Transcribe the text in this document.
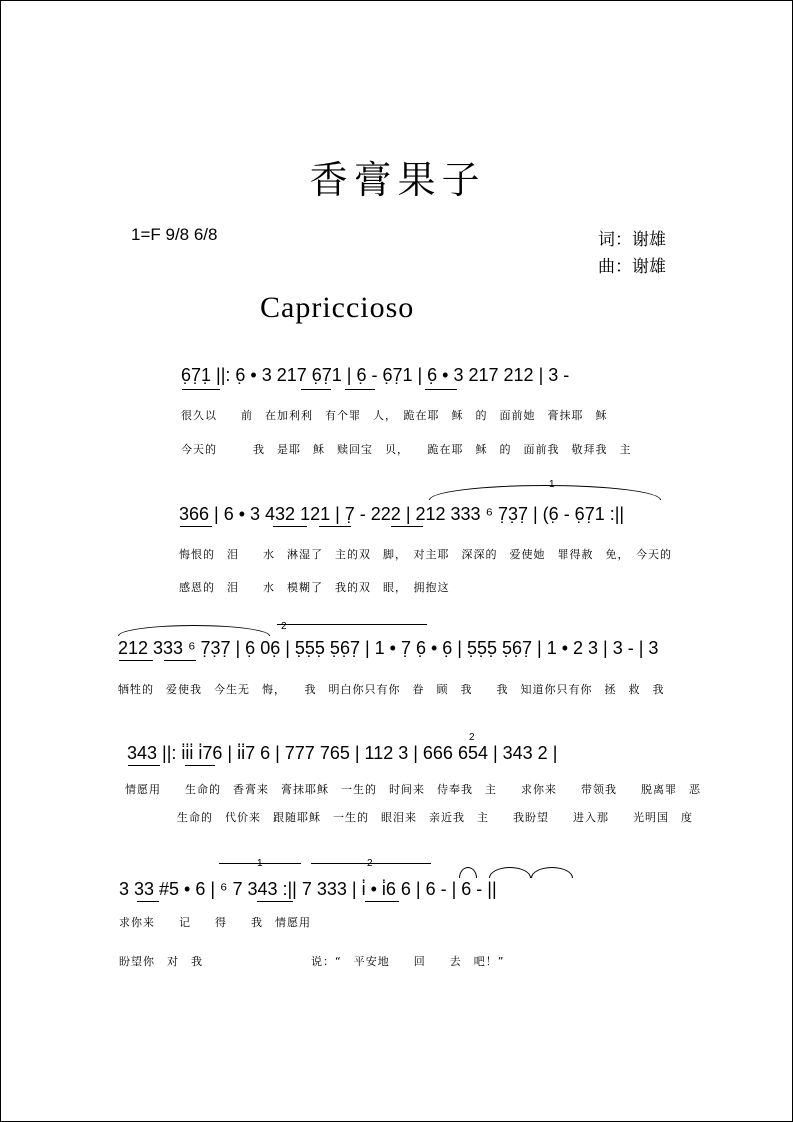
香膏果子
1=F 9/8 6/8	词：谢雄
曲：谢雄
Capriccioso
6̣7̣1̣ ||: 6̣ • 3 217 6̣7̣1 | 6̣ - 6̣7̣1 | 6̣ • 3 217 212 | 3 -
很久以　　前　在加利利　有个罪　人，　跪在耶　稣　的　面前她　膏抹耶　稣
今天的　　　我　是耶　稣　赎回宝　贝，　　跪在耶　稣　的　面前我　敬拜我　主
1
366 | 6 • 3 432 121 | 7̣ - 222 | 212 333 ⁶ 7̣3̣7̣ | (6̣ - 6̣7̣1 :||
悔恨的　泪　　水　淋湿了　主的双　脚，　对主耶　深深的　爱使她　罪得赦　免，　今天的
感恩的　泪　　水　模糊了　我的双　眼，　拥抱这
2
212 333 ⁶ 7̣3̣7̣ | 6̣ 06̣ | 5̣5̣5̣ 5̣6̣7̣ | 1 • 7̣ 6̣ • 6̣ | 5̣5̣5̣ 5̣6̣7̣ | 1 • 2 3 | 3 - | 3
牺牲的　爱使我　今生无　悔，　　我　明白你只有你　眷　顾　我　　我　知道你只有你　拯　救　我
2
343 ||: i̇i̇i̇ i̇76 | i̇i̇7 6 | 777 765 | 112 3 | 666 654 | 343 2 |
情愿用　　生命的　香膏来　膏抹耶稣　一生的　时间来　侍奉我　主　　求你来　　带领我　　脱离罪　恶
生命的　代价来　跟随耶稣　一生的　眼泪来　亲近我　主　　我盼望　　进入那　　光明国　度
1	2
3 33 #5 • 6 | ⁶ 7 343 :|| 7 333 | i̇ • i̇6 6 | 6 - | 6 - ||
求你来　　记　　得　　我　情愿用
盼望你　对　我　　　　　　　　　说：“　平安地　　回　　去　吧！”
